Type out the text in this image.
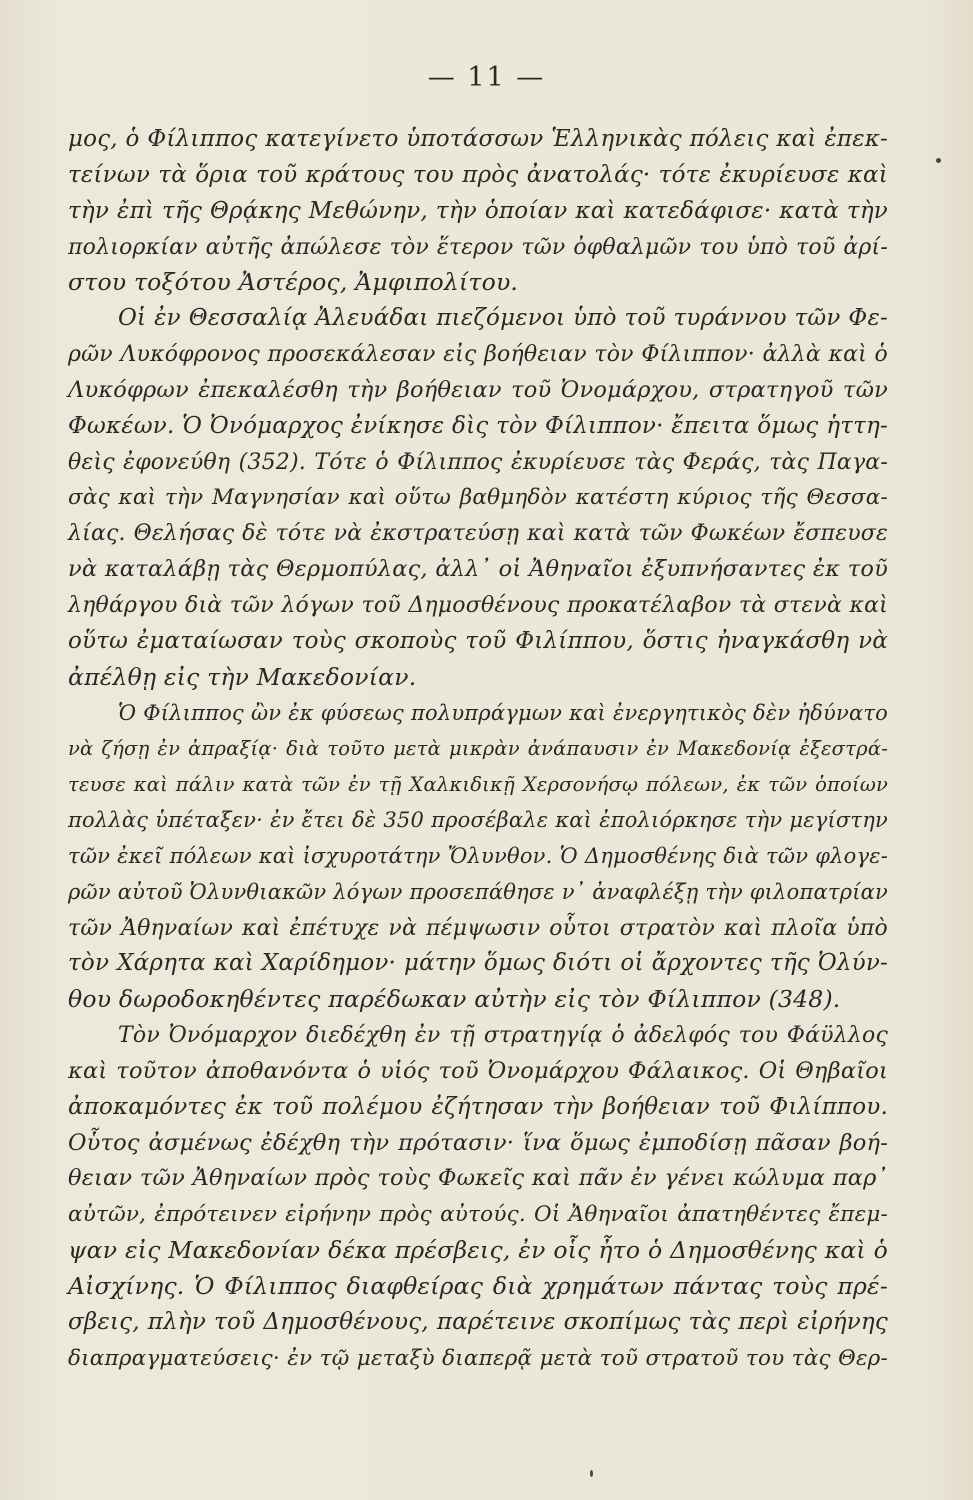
— 11 —
μος, ὁ Φίλιππος κατεγίνετο ὑποτάσσων Ἑλληνικὰς πόλεις καὶ ἐπεκ-
τείνων τὰ ὅρια τοῦ κράτους του πρὸς ἀνατολάς· τότε ἐκυρίευσε καὶ
τὴν ἐπὶ τῆς Θρᾴκης Μεθώνην, τὴν ὁποίαν καὶ κατεδάφισε· κατὰ τὴν
πολιορκίαν αὐτῆς ἀπώλεσε τὸν ἕτερον τῶν ὀφθαλμῶν του ὑπὸ τοῦ ἀρί-
στου τοξότου Ἀστέρος, Ἀμφιπολίτου.
Οἱ ἐν Θεσσαλίᾳ Ἀλευάδαι πιεζόμενοι ὑπὸ τοῦ τυράννου τῶν Φε-
ρῶν Λυκόφρονος προσεκάλεσαν εἰς βοήθειαν τὸν Φίλιππον· ἀλλὰ καὶ ὁ
Λυκόφρων ἐπεκαλέσθη τὴν βοήθειαν τοῦ Ὀνομάρχου, στρατηγοῦ τῶν
Φωκέων. Ὁ Ὀνόμαρχος ἐνίκησε δὶς τὸν Φίλιππον· ἔπειτα ὅμως ἡττη-
θεὶς ἐφονεύθη (352). Τότε ὁ Φίλιππος ἐκυρίευσε τὰς Φεράς, τὰς Παγα-
σὰς καὶ τὴν Μαγνησίαν καὶ οὕτω βαθμηδὸν κατέστη κύριος τῆς Θεσσα-
λίας. Θελήσας δὲ τότε νὰ ἐκστρατεύσῃ καὶ κατὰ τῶν Φωκέων ἔσπευσε
νὰ καταλάβῃ τὰς Θερμοπύλας, ἀλλ᾽ οἱ Ἀθηναῖοι ἐξυπνήσαντες ἐκ τοῦ
ληθάργου διὰ τῶν λόγων τοῦ Δημοσθένους προκατέλαβον τὰ στενὰ καὶ
οὕτω ἐματαίωσαν τοὺς σκοποὺς τοῦ Φιλίππου, ὅστις ἠναγκάσθη νὰ
ἀπέλθῃ εἰς τὴν Μακεδονίαν.
Ὁ Φίλιππος ὢν ἐκ φύσεως πολυπράγμων καὶ ἐνεργητικὸς δὲν ἠδύνατο
νὰ ζήσῃ ἐν ἀπραξίᾳ· διὰ τοῦτο μετὰ μικρὰν ἀνάπαυσιν ἐν Μακεδονίᾳ ἐξεστρά-
τευσε καὶ πάλιν κατὰ τῶν ἐν τῇ Χαλκιδικῇ Χερσονήσῳ πόλεων, ἐκ τῶν ὁποίων
πολλὰς ὑπέταξεν· ἐν ἔτει δὲ 350 προσέβαλε καὶ ἐπολιόρκησε τὴν μεγίστην
τῶν ἐκεῖ πόλεων καὶ ἰσχυροτάτην Ὄλυνθον. Ὁ Δημοσθένης διὰ τῶν φλογε-
ρῶν αὐτοῦ Ὀλυνθιακῶν λόγων προσεπάθησε ν᾽ ἀναφλέξῃ τὴν φιλοπατρίαν
τῶν Ἀθηναίων καὶ ἐπέτυχε νὰ πέμψωσιν οὗτοι στρατὸν καὶ πλοῖα ὑπὸ
τὸν Χάρητα καὶ Χαρίδημον· μάτην ὅμως διότι οἱ ἄρχοντες τῆς Ὀλύν-
θου δωροδοκηθέντες παρέδωκαν αὐτὴν εἰς τὸν Φίλιππον (348).
Τὸν Ὀνόμαρχον διεδέχθη ἐν τῇ στρατηγίᾳ ὁ ἀδελφός του Φάϋλλος
καὶ τοῦτον ἀποθανόντα ὁ υἱός τοῦ Ὀνομάρχου Φάλαικος. Οἱ Θηβαῖοι
ἀποκαμόντες ἐκ τοῦ πολέμου ἐζήτησαν τὴν βοήθειαν τοῦ Φιλίππου.
Οὗτος ἀσμένως ἐδέχθη τὴν πρότασιν· ἵνα ὅμως ἐμποδίσῃ πᾶσαν βοή-
θειαν τῶν Ἀθηναίων πρὸς τοὺς Φωκεῖς καὶ πᾶν ἐν γένει κώλυμα παρ᾽
αὐτῶν, ἐπρότεινεν εἰρήνην πρὸς αὐτούς. Οἱ Ἀθηναῖοι ἀπατηθέντες ἔπεμ-
ψαν εἰς Μακεδονίαν δέκα πρέσβεις, ἐν οἷς ἦτο ὁ Δημοσθένης καὶ ὁ
Αἰσχίνης. Ὁ Φίλιππος διαφθείρας διὰ χρημάτων πάντας τοὺς πρέ-
σβεις, πλὴν τοῦ Δημοσθένους, παρέτεινε σκοπίμως τὰς περὶ εἰρήνης
διαπραγματεύσεις· ἐν τῷ μεταξὺ διαπερᾷ μετὰ τοῦ στρατοῦ του τὰς Θερ-
